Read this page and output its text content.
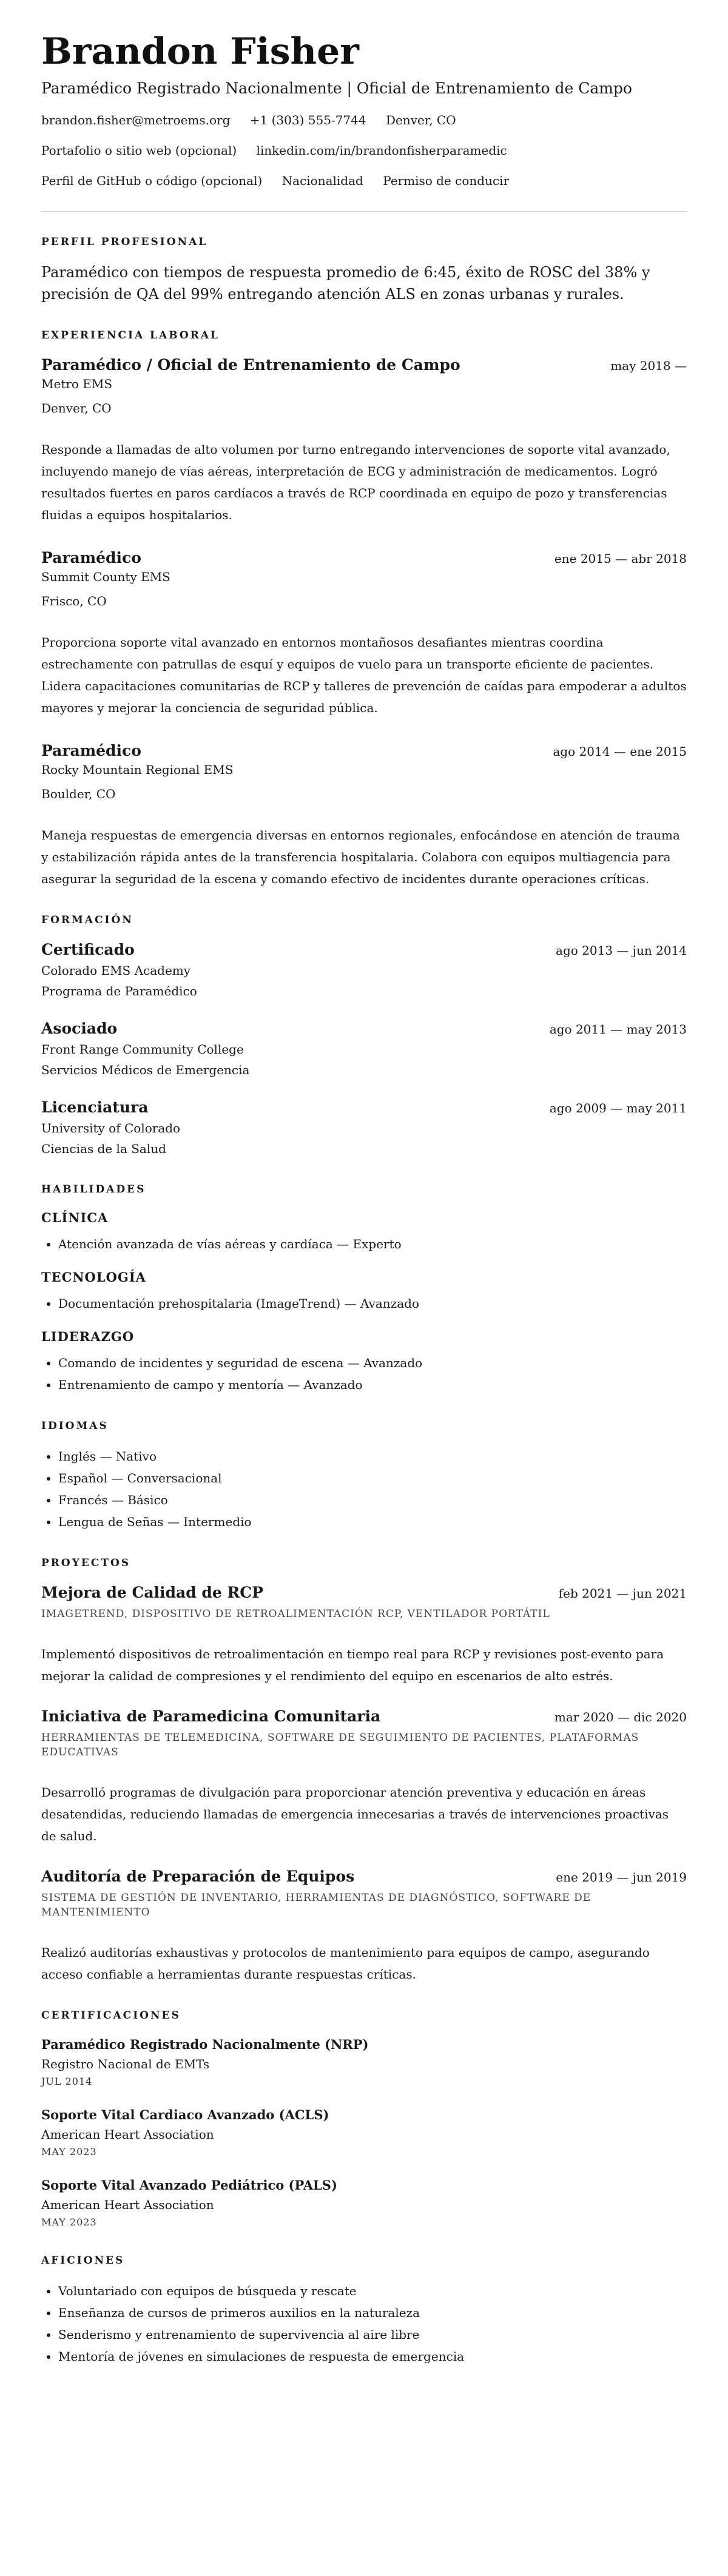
Brandon Fisher
Paramédico Registrado Nacionalmente | Oficial de Entrenamiento de Campo
brandon.fisher@metroems.org +1 (303) 555-7744 Denver, CO
Portafolio o sitio web (opcional) linkedin.com/in/brandonfisherparamedic
Perfil de GitHub o código (opcional) Nacionalidad Permiso de conducir
PERFIL PROFESIONAL
Paramédico con tiempos de respuesta promedio de 6:45, éxito de ROSC del 38% y precisión de QA del 99% entregando atención ALS en zonas urbanas y rurales.
EXPERIENCIA LABORAL
Paramédico / Oficial de Entrenamiento de Campo	may 2018 —
Metro EMS
Denver, CO
Responde a llamadas de alto volumen por turno entregando intervenciones de soporte vital avanzado, incluyendo manejo de vías aéreas, interpretación de ECG y administración de medicamentos. Logró resultados fuertes en paros cardíacos a través de RCP coordinada en equipo de pozo y transferencias fluidas a equipos hospitalarios.
Paramédico	ene 2015 — abr 2018
Summit County EMS
Frisco, CO
Proporciona soporte vital avanzado en entornos montañosos desafiantes mientras coordina estrechamente con patrullas de esquí y equipos de vuelo para un transporte eficiente de pacientes. Lidera capacitaciones comunitarias de RCP y talleres de prevención de caídas para empoderar a adultos mayores y mejorar la conciencia de seguridad pública.
Paramédico	ago 2014 — ene 2015
Rocky Mountain Regional EMS
Boulder, CO
Maneja respuestas de emergencia diversas en entornos regionales, enfocándose en atención de trauma y estabilización rápida antes de la transferencia hospitalaria. Colabora con equipos multiagencia para asegurar la seguridad de la escena y comando efectivo de incidentes durante operaciones críticas.
FORMACIÓN
Certificado	ago 2013 — jun 2014
Colorado EMS Academy
Programa de Paramédico
Asociado	ago 2011 — may 2013
Front Range Community College
Servicios Médicos de Emergencia
Licenciatura	ago 2009 — may 2011
University of Colorado
Ciencias de la Salud
HABILIDADES
CLÍNICA
• Atención avanzada de vías aéreas y cardíaca — Experto
TECNOLOGÍA
• Documentación prehospitalaria (ImageTrend) — Avanzado
LIDERAZGO
• Comando de incidentes y seguridad de escena — Avanzado
• Entrenamiento de campo y mentoría — Avanzado
IDIOMAS
• Inglés — Nativo
• Español — Conversacional
• Francés — Básico
• Lengua de Señas — Intermedio
PROYECTOS
Mejora de Calidad de RCP	feb 2021 — jun 2021
IMAGETREND, DISPOSITIVO DE RETROALIMENTACIÓN RCP, VENTILADOR PORTÁTIL
Implementó dispositivos de retroalimentación en tiempo real para RCP y revisiones post-evento para mejorar la calidad de compresiones y el rendimiento del equipo en escenarios de alto estrés.
Iniciativa de Paramedicina Comunitaria	mar 2020 — dic 2020
HERRAMIENTAS DE TELEMEDICINA, SOFTWARE DE SEGUIMIENTO DE PACIENTES, PLATAFORMAS EDUCATIVAS
Desarrolló programas de divulgación para proporcionar atención preventiva y educación en áreas desatendidas, reduciendo llamadas de emergencia innecesarias a través de intervenciones proactivas de salud.
Auditoría de Preparación de Equipos	ene 2019 — jun 2019
SISTEMA DE GESTIÓN DE INVENTARIO, HERRAMIENTAS DE DIAGNÓSTICO, SOFTWARE DE MANTENIMIENTO
Realizó auditorías exhaustivas y protocolos de mantenimiento para equipos de campo, asegurando acceso confiable a herramientas durante respuestas críticas.
CERTIFICACIONES
Paramédico Registrado Nacionalmente (NRP)
Registro Nacional de EMTs
JUL 2014
Soporte Vital Cardiaco Avanzado (ACLS)
American Heart Association
MAY 2023
Soporte Vital Avanzado Pediátrico (PALS)
American Heart Association
MAY 2023
AFICIONES
• Voluntariado con equipos de búsqueda y rescate
• Enseñanza de cursos de primeros auxilios en la naturaleza
• Senderismo y entrenamiento de supervivencia al aire libre
• Mentoría de jóvenes en simulaciones de respuesta de emergencia
